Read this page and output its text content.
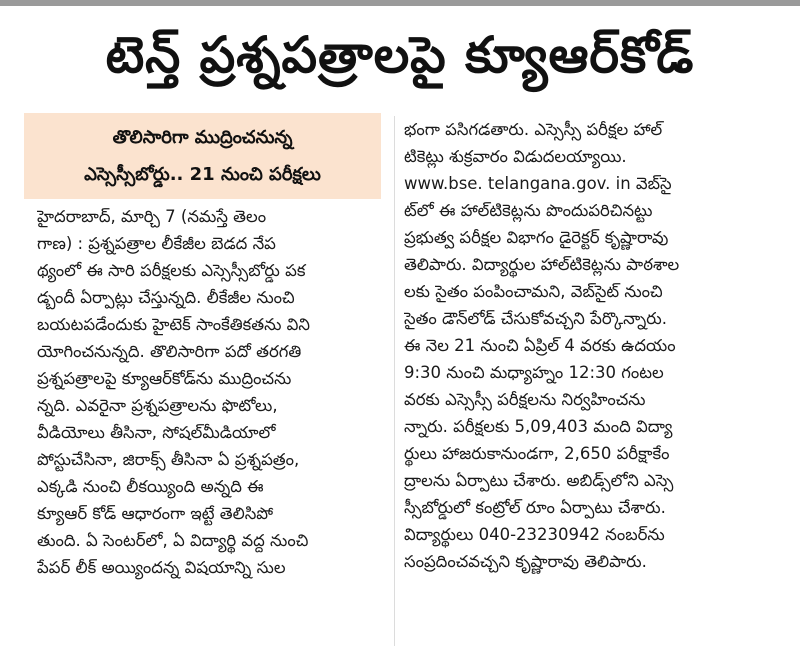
టెన్త్ ప్రశ్నపత్రాలపై క్యూఆర్‌కోడ్
తొలిసారిగా ముద్రించనున్న
ఎస్సెస్సీబోర్డు.. 21 నుంచి పరీక్షలు
హైదరాబాద్, మార్చి 7 (నమస్తే తెలం
గాణ) : ప్రశ్నపత్రాల లీకేజీల బెడద నేప
థ్యంలో ఈ సారి పరీక్షలకు ఎస్సెస్సీబోర్డు పక
డ్బందీ ఏర్పాట్లు చేస్తున్నది. లీకేజీల నుంచి
బయటపడేందుకు హైటెక్ సాంకేతికతను విని
యోగించనున్నది. తొలిసారిగా పదో తరగతి
ప్రశ్నపత్రాలపై క్యూఆర్‌కోడ్‌ను ముద్రించను
న్నది. ఎవరైనా ప్రశ్నపత్రాలను ఫొటోలు,
వీడియోలు తీసినా, సోషల్‌మీడియాలో
పోస్టుచేసినా, జిరాక్స్ తీసినా ఏ ప్రశ్నపత్రం,
ఎక్కడి నుంచి లీకయ్యింది అన్నది ఈ
క్యూఆర్ కోడ్ ఆధారంగా ఇట్టే తెలిసిపో
తుంది. ఏ సెంటర్‌లో, ఏ విద్యార్థి వద్ద నుంచి
పేపర్ లీక్ అయ్యిందన్న విషయాన్ని సుల
భంగా పసిగడతారు. ఎస్సెస్సీ పరీక్షల హాల్
టికెట్లు శుక్రవారం విడుదలయ్యాయి.
www.bse. telangana.gov. in వెబ్‌సై
ట్‌లో ఈ హాల్‌టికెట్లను పొందుపరిచినట్టు
ప్రభుత్వ పరీక్షల విభాగం డైరెక్టర్ కృష్ణారావు
తెలిపారు. విద్యార్థుల హాల్‌టికెట్లను పాఠశాల
లకు సైతం పంపించామని, వెబ్‌సైట్ నుంచి
సైతం డౌన్‌లోడ్ చేసుకోవచ్చని పేర్కొన్నారు.
ఈ నెల 21 నుంచి ఏప్రిల్ 4 వరకు ఉదయం
9:30 నుంచి మధ్యాహ్నం 12:30 గంటల
వరకు ఎస్సెస్సీ పరీక్షలను నిర్వహించను
న్నారు. పరీక్షలకు 5,09,403 మంది విద్యా
ర్థులు హాజరుకానుండగా, 2,650 పరీక్షాకేం
ద్రాలను ఏర్పాటు చేశారు. అబిడ్స్‌లోని ఎస్సె
స్సీబోర్డులో కంట్రోల్ రూం ఏర్పాటు చేశారు.
విద్యార్థులు 040-23230942 నంబర్‌ను
సంప్రదించవచ్చని కృష్ణారావు తెలిపారు.
